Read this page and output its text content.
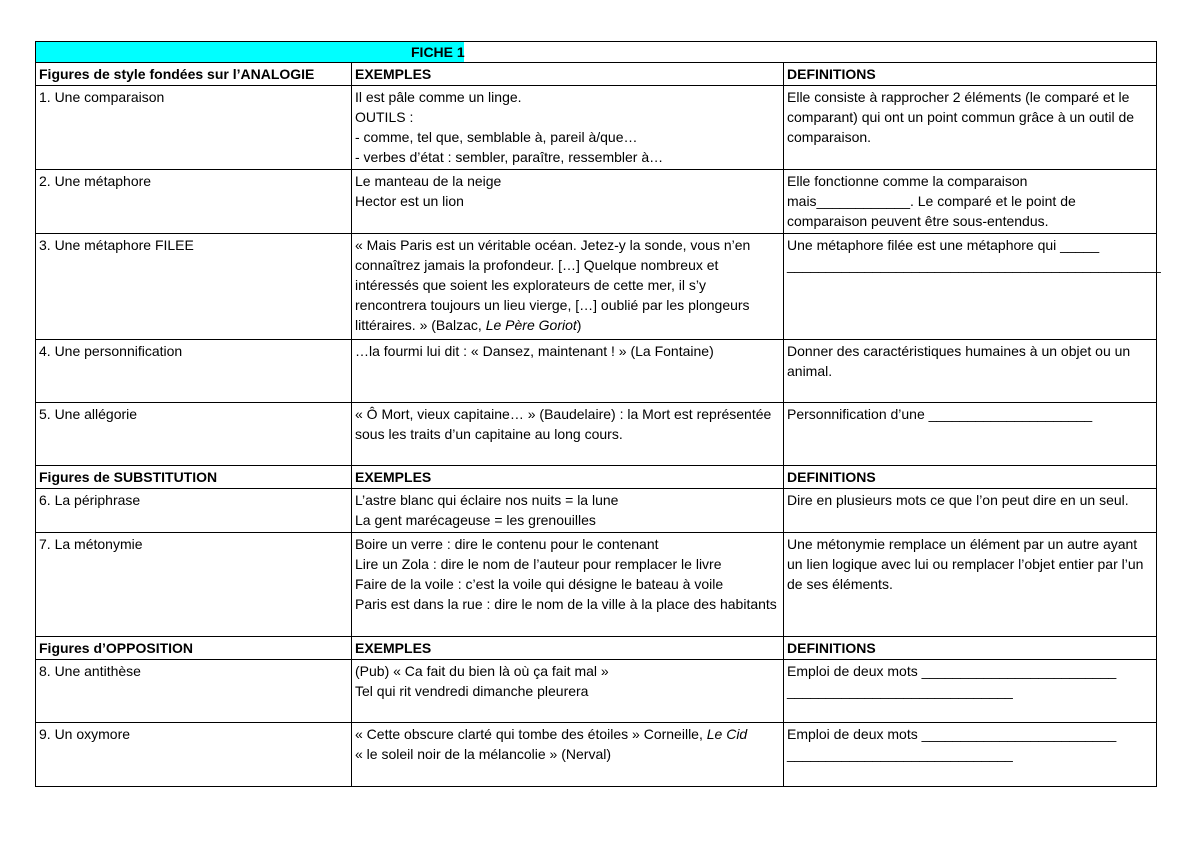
FICHE 1		

Figures de style fondées sur l’ANALOGIE	EXEMPLES	DEFINITIONS
1. Une comparaison	Il est pâle comme un linge.
OUTILS :
- comme, tel que, semblable à, pareil à/que…
- verbes d’état : sembler, paraître, ressembler à…	Elle consiste à rapprocher 2 éléments (le comparé et le comparant) qui ont un point commun grâce à un outil de comparaison.
2. Une métaphore	Le manteau de la neige
Hector est un lion	Elle fonctionne comme la comparaison mais____________. Le comparé et le point de comparaison peuvent être sous-entendus.
3. Une métaphore FILEE	« Mais Paris est un véritable océan. Jetez-y la sonde, vous n’en connaîtrez jamais la profondeur. […] Quelque nombreux et intéressés que soient les explorateurs de cette mer, il s’y rencontrera toujours un lieu vierge, […] oublié par les plongeurs littéraires. » (Balzac, Le Père Goriot)	Une métaphore filée est une métaphore qui _____ ________________________________________________
4. Une personnification	…la fourmi lui dit : « Dansez, maintenant ! » (La Fontaine)	Donner des caractéristiques humaines à un objet ou un animal.
5. Une allégorie	« Ô Mort, vieux capitaine… » (Baudelaire) : la Mort est représentée sous les traits d’un capitaine au long cours.	Personnification d’une _____________________
Figures de SUBSTITUTION	EXEMPLES	DEFINITIONS
6. La périphrase	L’astre blanc qui éclaire nos nuits = la lune
La gent marécageuse = les grenouilles	Dire en plusieurs mots ce que l’on peut dire en un seul.
7. La métonymie	Boire un verre : dire le contenu pour le contenant
Lire un Zola : dire le nom de l’auteur pour remplacer le livre
Faire de la voile : c’est la voile qui désigne le bateau à voile
Paris est dans la rue : dire le nom de la ville à la place des habitants	Une métonymie remplace un élément par un autre ayant un lien logique avec lui ou remplacer l’objet entier par l’un de ses éléments.
Figures d’OPPOSITION	EXEMPLES	DEFINITIONS
8. Une antithèse	(Pub) « Ca fait du bien là où ça fait mal »
Tel qui rit vendredi dimanche pleurera	Emploi de deux mots _________________________
_____________________________

9. Un oxymore	« Cette obscure clarté qui tombe des étoiles » Corneille, Le Cid
« le soleil noir de la mélancolie » (Nerval)	Emploi de deux mots _________________________
_____________________________
